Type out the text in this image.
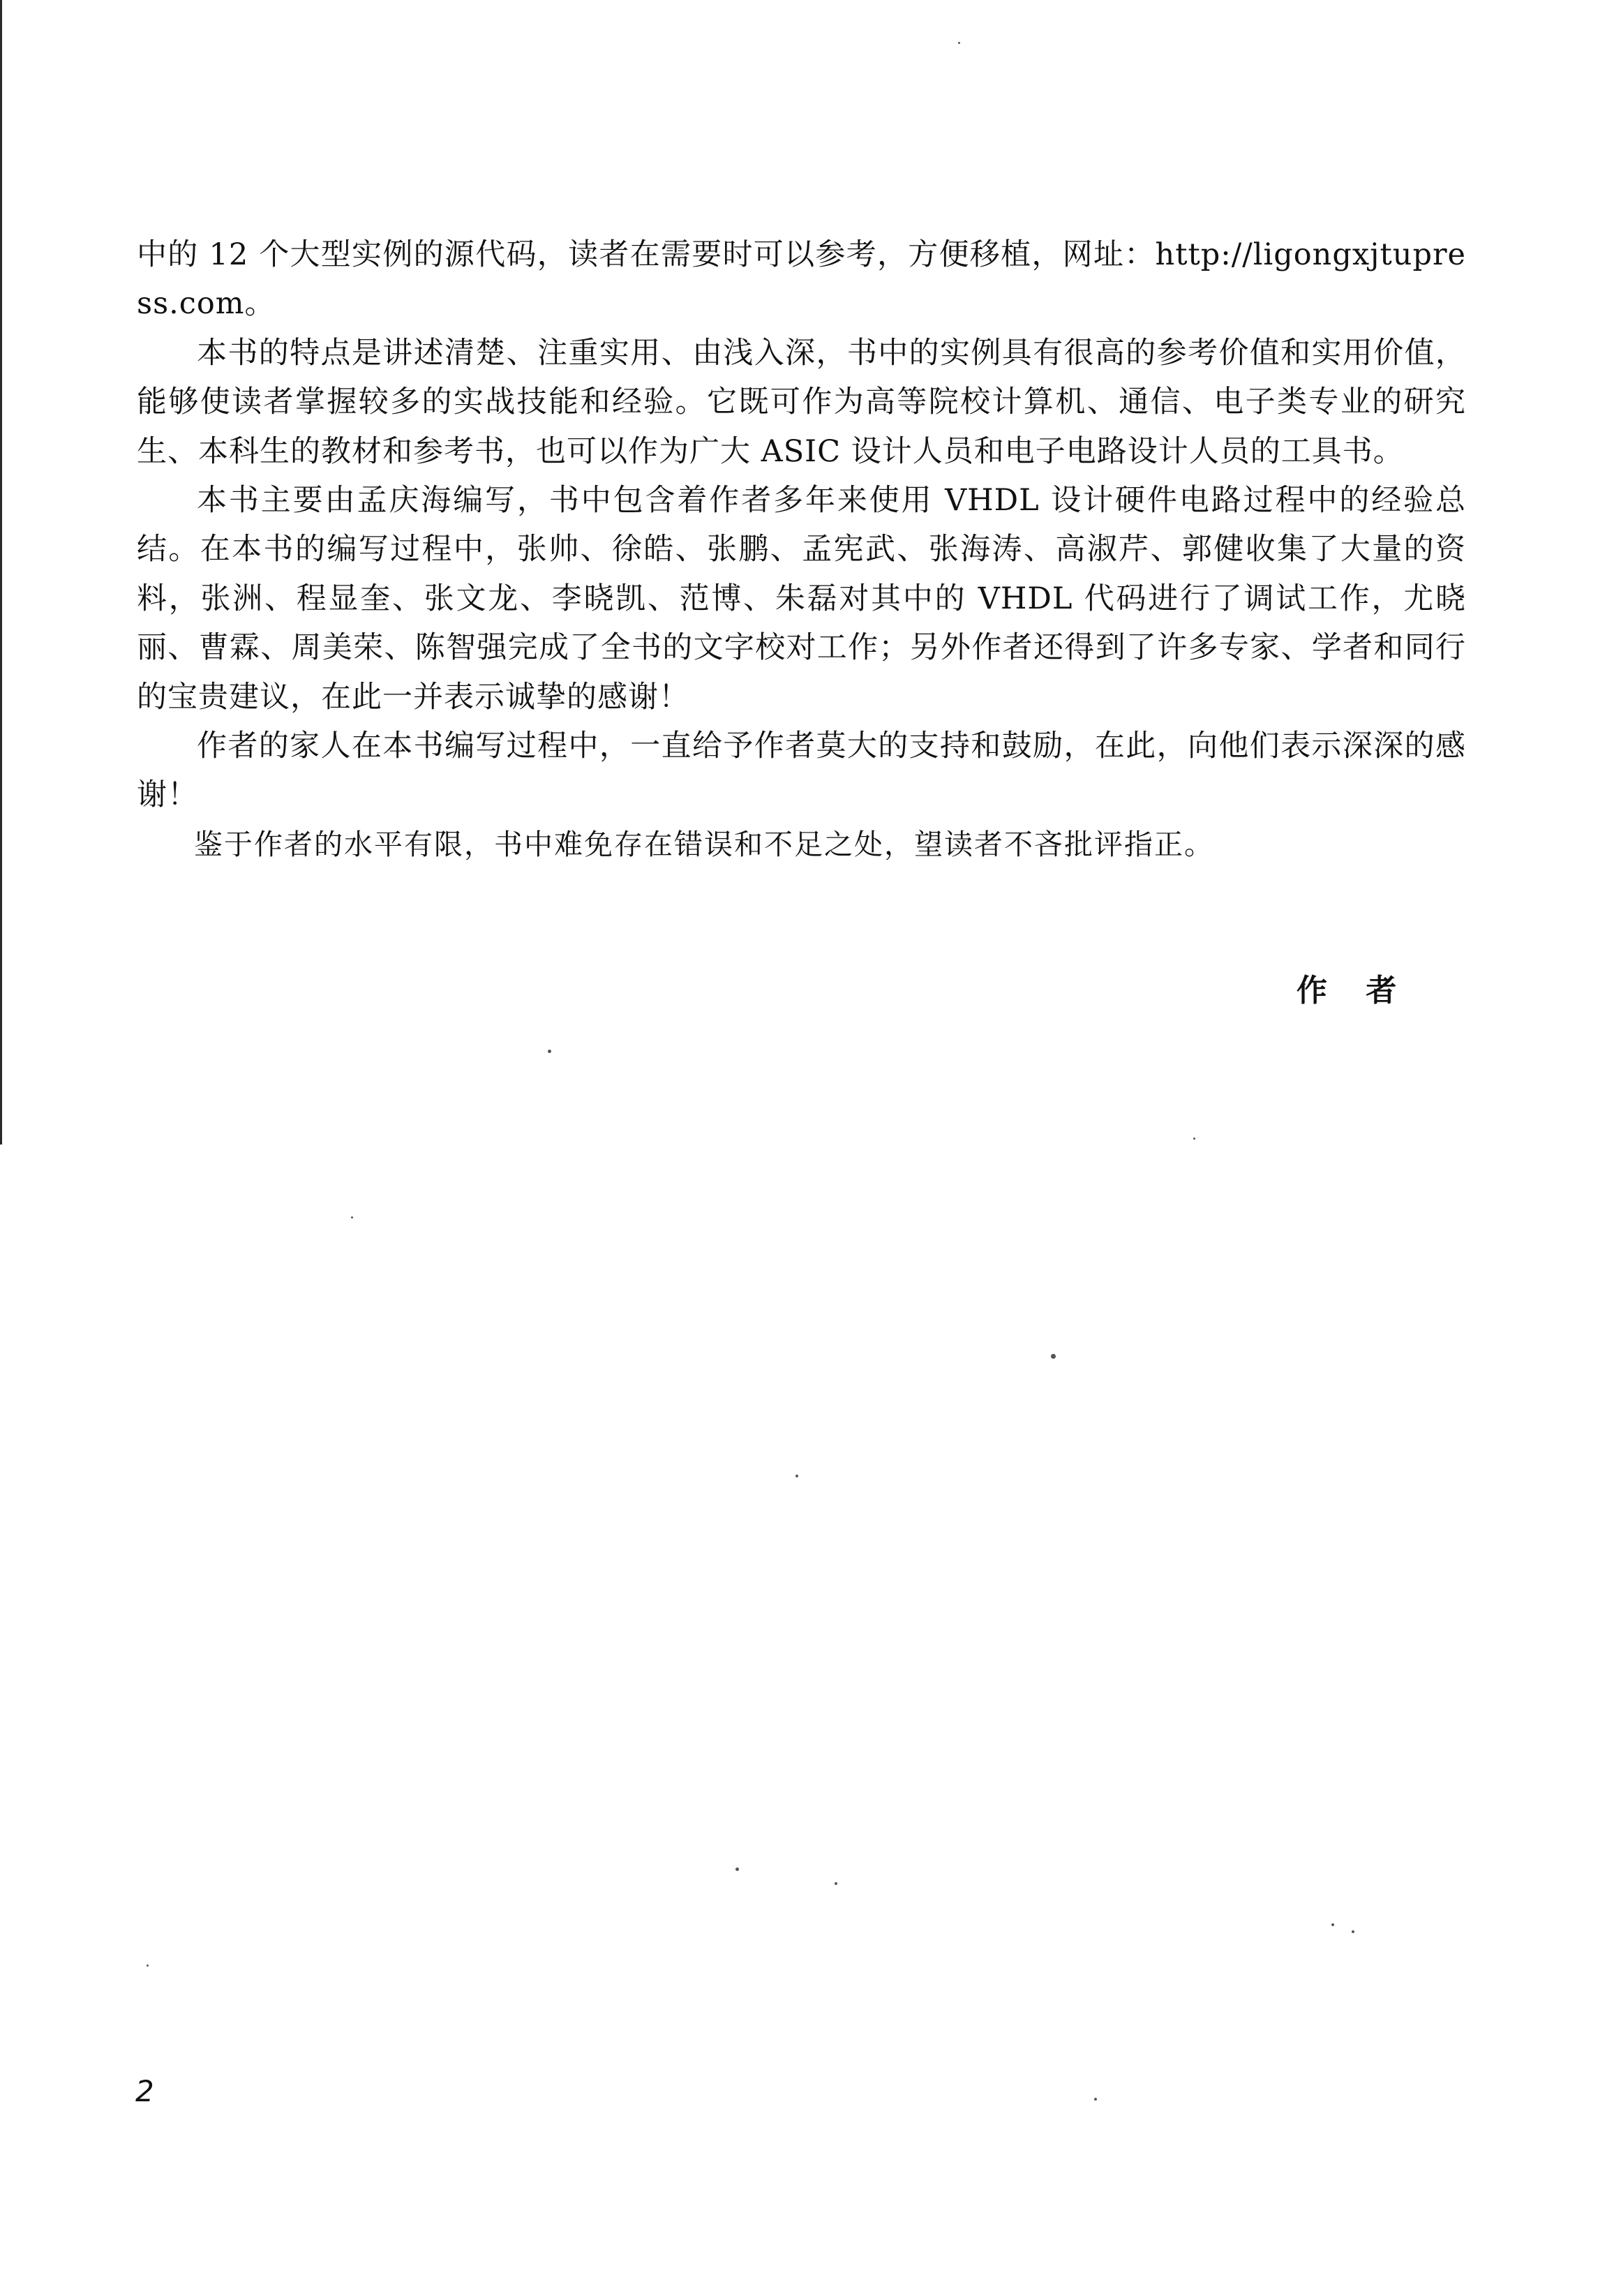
中的 12 个大型实例的源代码，读者在需要时可以参考，方便移植，网址：http://ligongxjtupress.com。

本书的特点是讲述清楚、注重实用、由浅入深，书中的实例具有很高的参考价值和实用价值，能够使读者掌握较多的实战技能和经验。它既可作为高等院校计算机、通信、电子类专业的研究生、本科生的教材和参考书，也可以作为广大 ASIC 设计人员和电子电路设计人员的工具书。

本书主要由孟庆海编写，书中包含着作者多年来使用 VHDL 设计硬件电路过程中的经验总结。在本书的编写过程中，张帅、徐皓、张鹏、孟宪武、张海涛、高淑芹、郭健收集了大量的资料，张洲、程显奎、张文龙、李晓凯、范博、朱磊对其中的 VHDL 代码进行了调试工作，尤晓丽、曹霖、周美荣、陈智强完成了全书的文字校对工作；另外作者还得到了许多专家、学者和同行的宝贵建议，在此一并表示诚挚的感谢！

作者的家人在本书编写过程中，一直给予作者莫大的支持和鼓励，在此，向他们表示深深的感谢！

鉴于作者的水平有限，书中难免存在错误和不足之处，望读者不吝批评指正。

作 者
2
